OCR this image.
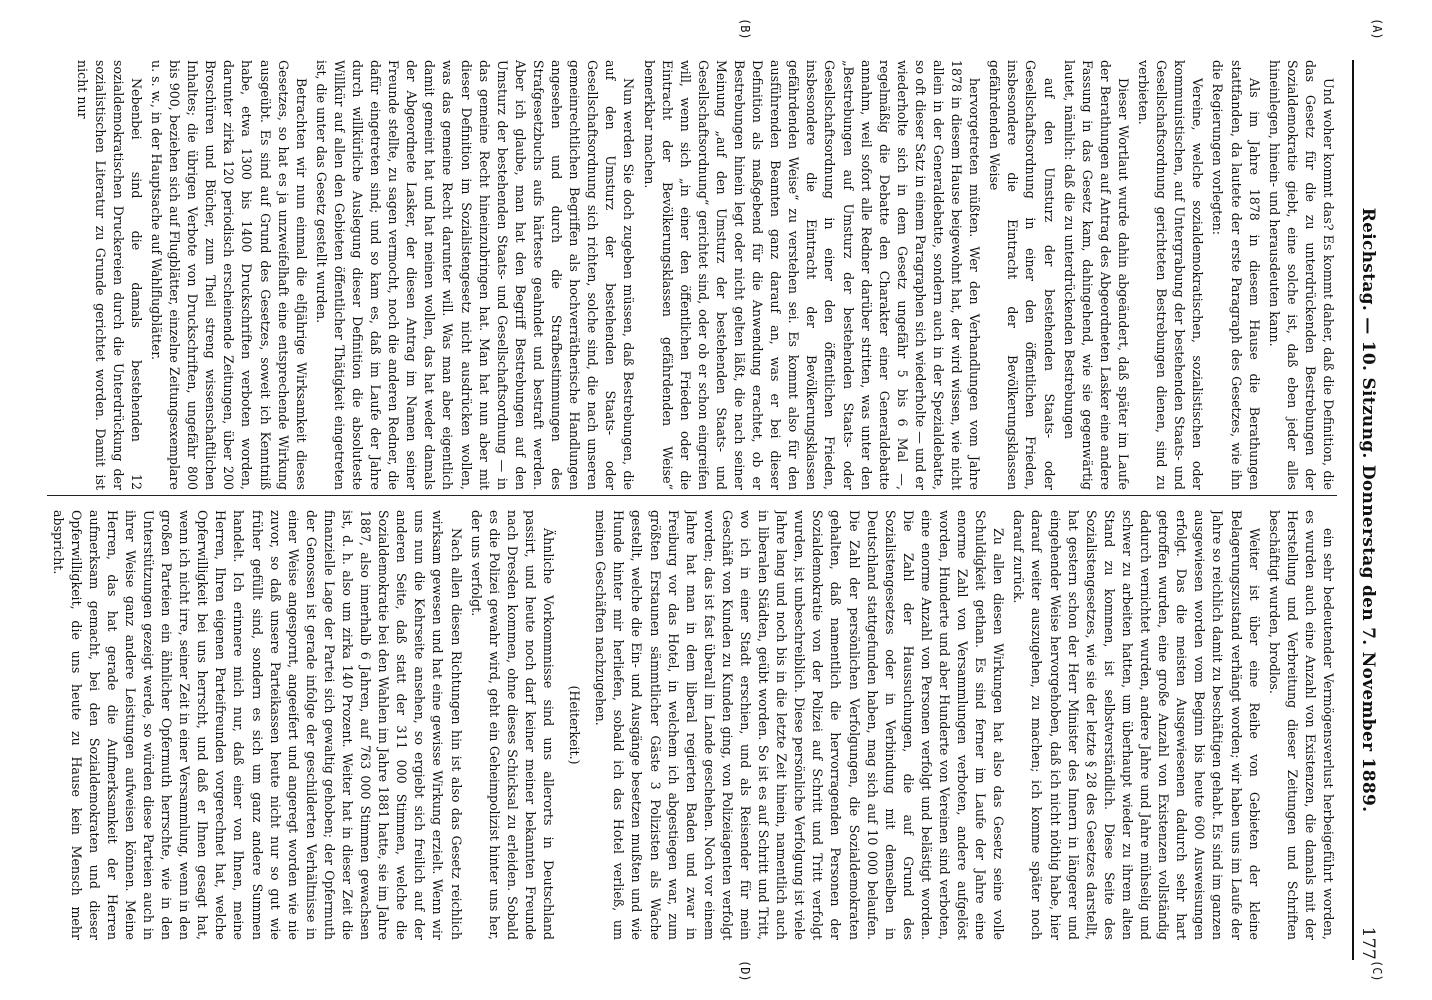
(A)
(B)
(C)
(D)
Reichstag. — 10. Sitzung. Donnerstag den 7. November 1889.
177

Und woher kommt das? Es kommt daher, daß die Definition, die das Gesetz für die zu unterdrückenden Bestrebungen der Sozialdemokratie giebt, eine solche ist, daß eben jeder alles hineinlegen, hinein- und herausdeuten kann.

Als im Jahre 1878 in diesem Hause die Berathungen stattfanden, da lautete der erste Paragraph des Gesetzes, wie ihn die Regierungen vorlegten:

Vereine, welche sozialdemokratischen, sozialistischen oder kommunistischen, auf Untergrabung der bestehenden Staats- und Gesellschaftsordnung gerichteten Bestrebungen dienen, sind zu verbieten.

Dieser Wortlaut wurde dahin abgeändert, daß später im Laufe der Berathungen auf Antrag des Abgeordneten Lasker eine andere Fassung in das Gesetz kam, dahingehend, wie sie gegenwärtig lautet, nämlich: daß die zu unterdrückenden Bestrebungen

auf den Umsturz der bestehenden Staats- oder Gesellschaftsordnung in einer den öffentlichen Frieden, insbesondere die Eintracht der Bevölkerungsklassen gefährdenden Weise

hervorgetreten müßten. Wer den Verhandlungen vom Jahre 1878 in diesem Hause beigewohnt hat, der wird wissen, wie nicht allein in der Generaldebatte, sondern auch in der Spezialdebatte, so oft dieser Satz in einem Paragraphen sich wiederholte — und er wiederholte sich in dem Gesetz ungefähr 5 bis 6 Mal —, regelmäßig die Debatte den Charakter einer Generaldebatte annahm, weil sofort alle Redner darüber stritten, was unter den „Bestrebungen auf Umsturz der bestehenden Staats- oder Gesellschaftsordnung in einer den öffentlichen Frieden, insbesondere die Eintracht der Bevölkerungsklassen gefährdenden Weise“ zu verstehen sei. Es kommt also für den ausführenden Beamten ganz darauf an, was er bei dieser Definition als maßgebend für die Anwendung erachtet, ob er Bestrebungen hinein legt oder nicht gelten läßt, die nach seiner Meinung „auf den Umsturz der bestehenden Staats- und Gesellschaftsordnung“ gerichtet sind, oder ob er schon eingreifen will, wenn sich „in einer den öffentlichen Frieden oder die Eintracht der Bevölkerungsklassen gefährdenden Weise“ bemerkbar machen.

Nun werden Sie doch zugeben müssen, daß Bestrebungen, die auf den Umsturz der bestehenden Staats- oder Gesellschaftsordnung sich richten, solche sind, die nach unseren gemeinrechtlichen Begriffen als hochverrätherische Handlungen angesehen und durch die Strafbestimmungen des Strafgesetzbuchs aufs härteste geahndet und bestraft werden. Aber ich glaube, man hat den Begriff Bestrebungen auf den Umsturz der bestehenden Staats- und Gesellschaftsordnung — in das gemeine Recht hineinzubringen hat. Man hat nun aber mit dieser Definition im Sozialistengesetz nicht ausdrücken wollen, was das gemeine Recht darunter will. Was man aber eigentlich damit gemeint hat und hat meinen wollen, das hat weder damals der Abgeordnete Lasker, der diesen Antrag im Namen seiner Freunde stellte, zu sagen vermocht, noch die anderen Redner, die dafür eingetreten sind; und so kam es, daß im Laufe der Jahre durch willkürliche Auslegung dieser Definition die absoluteste Willkür auf allen den Gebieten öffentlicher Thätigkeit eingetreten ist, die unter das Gesetz gestellt wurden.

Betrachten wir nun einmal die elfjährige Wirksamkeit dieses Gesetzes, so hat es ja unzweifelhaft eine entsprechende Wirkung ausgeübt. Es sind auf Grund des Gesetzes, soweit ich Kenntniß habe, etwa 1300 bis 1400 Druckschriften verboten worden, darunter zirka 120 periodisch erscheinende Zeitungen, über 200 Broschüren und Bücher, zum Theil streng wissenschaftlichen Inhaltes; die übrigen Verbote von Druckschriften, ungefähr 800 bis 900, beziehen sich auf Flugblätter, einzelne Zeitungsexemplare u. s. w., in der Hauptsache auf Wahlflugblätter.

Nebenbei sind die damals bestehenden 12 sozialdemokratischen Druckereien durch die Unterdrückung der sozialistischen Literatur zu Grunde gerichtet worden. Damit ist nicht nur

ein sehr bedeutender Vermögensverlust herbeigeführt worden, es wurden auch eine Anzahl von Existenzen, die damals mit der Herstellung und Verbreitung dieser Zeitungen und Schriften beschäftigt wurden, brodlos.

Weiter ist über eine Reihe von Gebieten der kleine Belagerungszustand verhängt worden; wir haben uns im Laufe der Jahre so reichlich damit zu beschäftigen gehabt. Es sind im ganzen ausgewiesen worden vom Beginn bis heute 600 Ausweisungen erfolgt. Das die meisten Ausgewiesenen dadurch sehr hart getroffen wurden, eine große Anzahl von Existenzen vollständig dadurch vernichtet wurden, andere Jahre und Jahre mühselig und schwer zu arbeiten hatten, um überhaupt wieder zu ihrem alten Stand zu kommen, ist selbstverständlich. Diese Seite des Sozialistengesetzes, wie sie der letzte § 28 des Gesetzes darstellt, hat gestern schon der Herr Minister des Innern in längerer und eingehender Weise hervorgehoben, daß ich nicht nöthig habe, hier darauf weiter auszugehen, zu machen; ich komme später noch darauf zurück.

Zu allen diesen Wirkungen hat also das Gesetz seine volle Schuldigkeit gethan. Es sind ferner im Laufe der Jahre eine enorme Zahl von Versammlungen verboten, andere aufgelöst worden, Hunderte und aber Hunderte von Vereinen sind verboten, eine enorme Anzahl von Personen verfolgt und belästigt worden. Die Zahl der Haussuchungen, die auf Grund des Sozialistengesetzes oder in Verbindung mit demselben in Deutschland stattgefunden haben, mag sich auf 10 000 belaufen. Die Zahl der persönlichen Verfolgungen, die Sozialdemokraten gehalten, daß namentlich die hervorragenden Personen der Sozialdemokratie von der Polizei auf Schritt und Tritt verfolgt wurden, ist unbeschreiblich. Diese persönliche Verfolgung ist viele Jahre lang und noch bis in die letzte Zeit hinein, namentlich auch in liberalen Städten, geübt worden. So ist es auf Schritt und Tritt, wo ich in einer Stadt erschien, und als Reisender für mein Geschäft von Kunden zu Kunden ging, von Polizeiagenten verfolgt worden; das ist fast überall im Lande geschehen. Noch vor einem Jahre hat man in dem liberal regierten Baden und zwar in Freiburg vor das Hotel, in welchem ich abgestiegen war, zum größten Erstaunen sämmtlicher Gäste 3 Polizisten als Wache gestellt, welche die Ein- und Ausgänge besetzen mußten und wie Hunde hinter mir herliefen, sobald ich das Hotel verließ, um meinen Geschäften nachzugehen.

(Heiterkeit.)

Ähnliche Vorkommnisse sind uns allerorts in Deutschland passirt, und heute noch darf keiner meiner bekannten Freunde nach Dresden kommen, ohne dieses Schicksal zu erleiden. Sobald es die Polizei gewahr wird, geht ein Geheimpolizist hinter uns her, der uns verfolgt.

Nach allen diesen Richtungen hin ist also das Gesetz reichlich wirksam gewesen und hat eine gewisse Wirkung erzielt. Wenn wir uns nun die Kehrseite ansehen, so ergiebt sich freilich auf der anderen Seite, daß statt der 311 000 Stimmen, welche die Sozialdemokratie bei den Wahlen im Jahre 1881 hatte, sie im Jahre 1887, also innerhalb 6 Jahren, auf 763 000 Stimmen gewachsen ist, d. h. also um zirka 140 Prozent. Weiter hat in dieser Zeit die finanzielle Lage der Partei sich gewaltig gehoben; der Opfermuth der Genossen ist gerade infolge der geschilderten Verhältnisse in einer Weise angespornt, angeeifert und angeregt worden wie nie zuvor, so daß unsere Parteikassen heute nicht nur so gut wie früher gefüllt sind, sondern es sich um ganz andere Summen handelt. Ich erinnere mich nur, daß einer von Ihnen, meine Herren, Ihren eigenen Parteifreunden vorgerechnet hat, welche Opferwilligkeit bei uns herrscht, und daß er Ihnen gesagt hat, wenn ich nicht irre, seiner Zeit in einer Versammlung, wenn in den großen Parteien ein ähnlicher Opfermuth herrschte, wie in den Unterstützungen gezeigt werde, so würden diese Parteien auch in ihrer Weise ganz andere Leistungen aufweisen können. Meine Herren, das hat gerade die Aufmerksamkeit der Herren aufmerksam gemacht, bei den Sozialdemokraten und dieser Opferwilligkeit, die uns heute zu Hause kein Mensch mehr abspricht.
